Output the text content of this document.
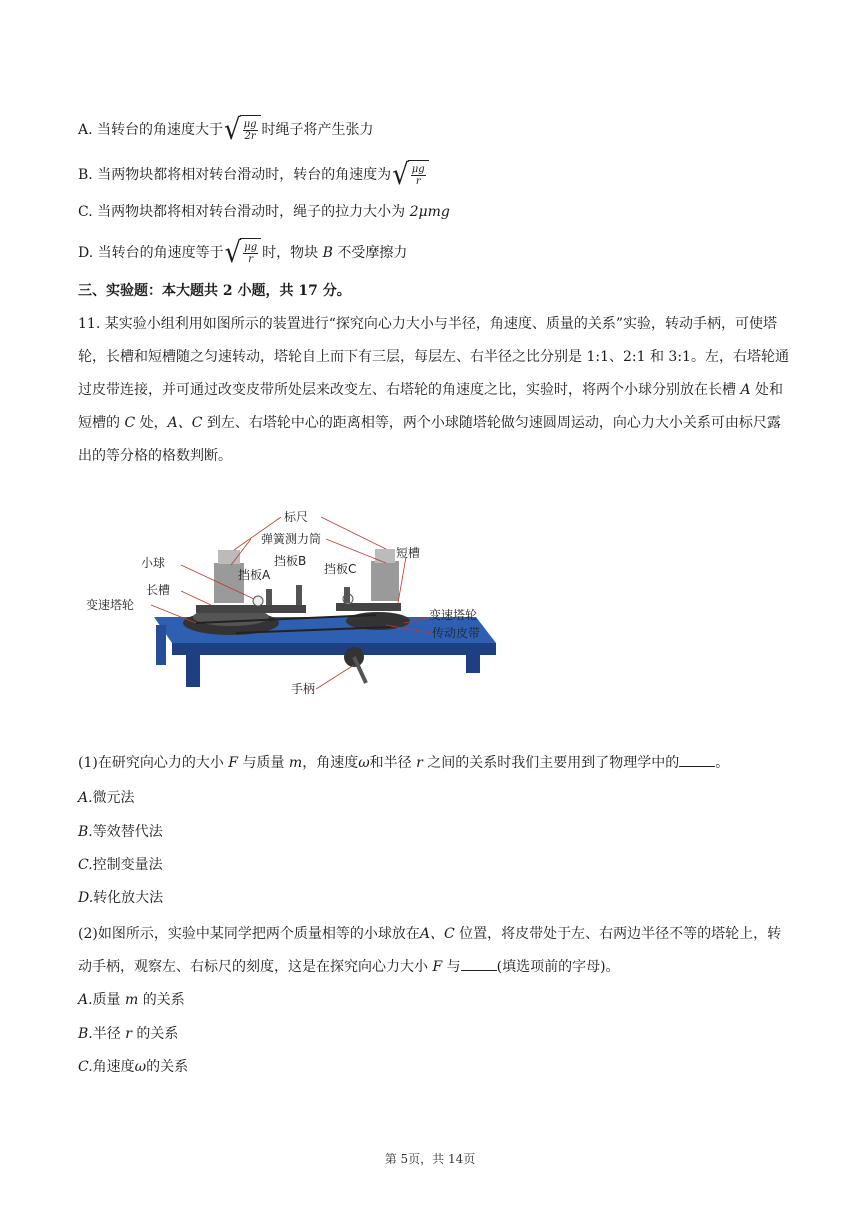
A. 当转台的角速度大于 √ $\frac{\mu g}{2r}$ 时绳子将产生张力
B. 当两物块都将相对转台滑动时，转台的角速度为 √ $\frac{\mu g}{r}$
C. 当两物块都将相对转台滑动时，绳子的拉力大小为 2μmg
D. 当转台的角速度等于 √ $\frac{\mu g}{r}$ 时，物块 B 不受摩擦力
三、实验题：本大题共 2 小题，共 17 分。
11. 某实验小组利用如图所示的装置进行“探究向心力大小与半径，角速度、质量的关系”实验，转动手柄，可使塔轮，长槽和短槽随之匀速转动，塔轮自上而下有三层，每层左、右半径之比分别是 1:1、2:1 和 3:1。左，右塔轮通过皮带连接，并可通过改变皮带所处层来改变左、右塔轮的角速度之比，实验时，将两个小球分别放在长槽 A 处和短槽的 C 处，A、C 到左、右塔轮中心的距离相等，两个小球随塔轮做匀速圆周运动，向心力大小关系可由标尺露出的等分格的格数判断。
标尺
弹簧测力筒
小球	挡板B
挡板A	挡板C
短槽
长槽
变速塔轮
变速塔轮
传动皮带
手柄
(1)在研究向心力的大小 F 与质量 m，角速度ω和半径 r 之间的关系时我们主要用到了物理学中的	。
A.微元法
B.等效替代法
C.控制变量法
D.转化放大法
(2)如图所示，实验中某同学把两个质量相等的小球放在A、C 位置，将皮带处于左、右两边半径不等的塔轮上，转动手柄，观察左、右标尺的刻度，这是在探究向心力大小 F 与	(填选项前的字母)。
A.质量 m 的关系
B.半径 r 的关系
C.角速度ω的关系
第 5页，共 14页
